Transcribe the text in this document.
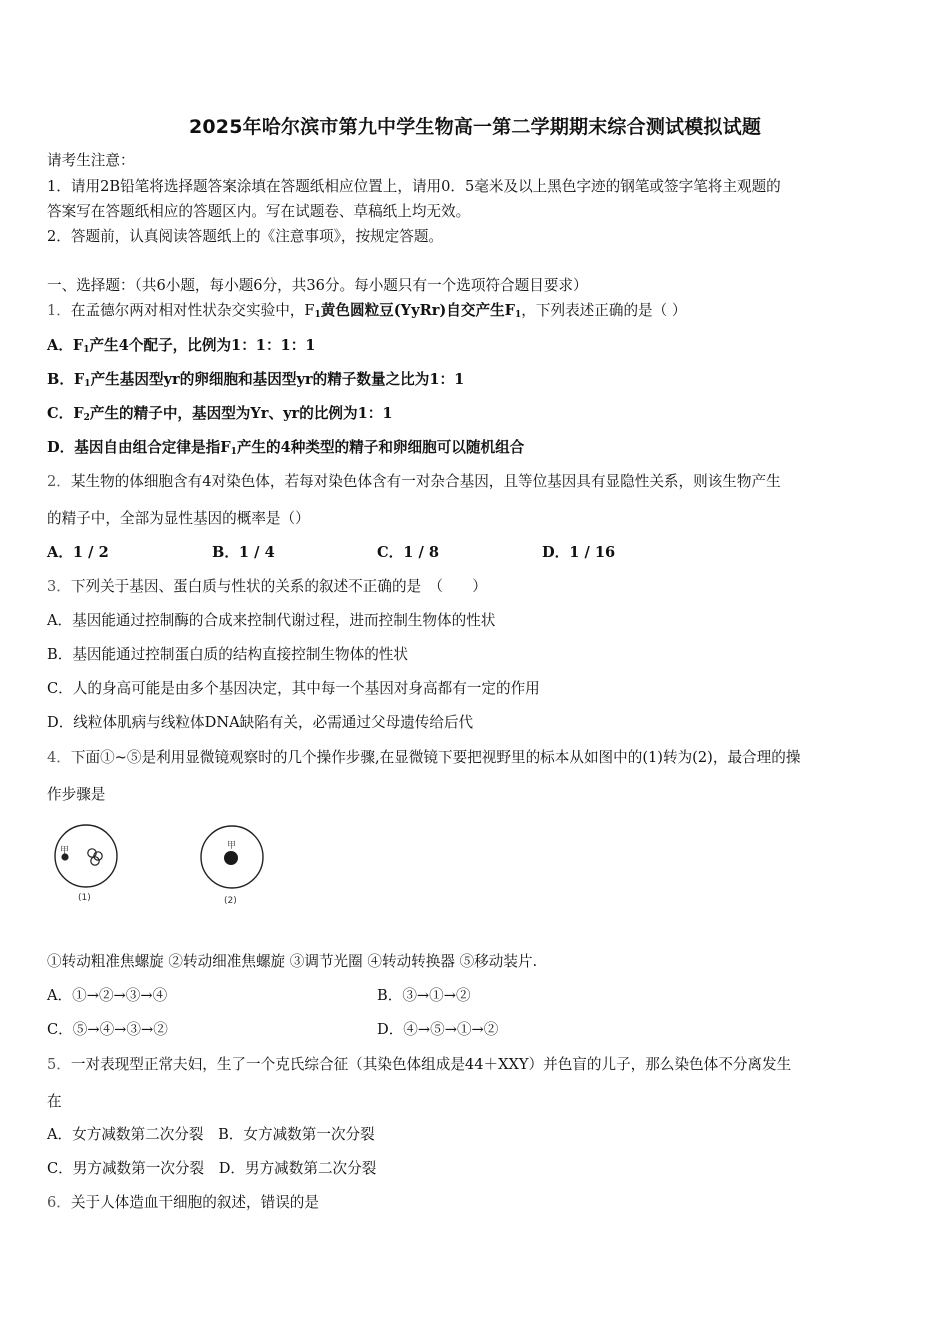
2025年哈尔滨市第九中学生物高一第二学期期末综合测试模拟试题
请考生注意：
1．请用2B铅笔将选择题答案涂填在答题纸相应位置上，请用0．5毫米及以上黑色字迹的钢笔或签字笔将主观题的
答案写在答题纸相应的答题区内。写在试题卷、草稿纸上均无效。
2．答题前，认真阅读答题纸上的《注意事项》，按规定答题。
一、选择题：（共6小题，每小题6分，共36分。每小题只有一个选项符合题目要求）
1．在孟德尔两对相对性状杂交实验中，$F_1$黄色圆粒豆(YyRr)自交产生$F_1$，下列表述正确的是（ ）
A．$F_1$产生4个配子，比例为1：1：1：1
B．$F_1$产生基因型yr的卵细胞和基因型yr的精子数量之比为1：1
C．$F_2$产生的精子中，基因型为Yr、yr的比例为1：1
D．基因自由组合定律是指$F_1$产生的4种类型的精子和卵细胞可以随机组合
2．某生物的体细胞含有4对染色体，若每对染色体含有一对杂合基因，且等位基因具有显隐性关系，则该生物产生
的精子中，全部为显性基因的概率是（）
A．1 / 2	B．1 / 4	C．1 / 8	D．1 / 16
3．下列关于基因、蛋白质与性状的关系的叙述不正确的是　（　　）
A．基因能通过控制酶的合成来控制代谢过程，进而控制生物体的性状
B．基因能通过控制蛋白质的结构直接控制生物体的性状
C．人的身高可能是由多个基因决定，其中每一个基因对身高都有一定的作用
D．线粒体肌病与线粒体DNA缺陷有关，必需通过父母遗传给后代
4．下面①~⑤是利用显微镜观察时的几个操作步骤,在显微镜下要把视野里的标本从如图中的(1)转为(2)，最合理的操
作步骤是
甲
(1)
甲
(2)
①转动粗准焦螺旋 ②转动细准焦螺旋 ③调节光圈 ④转动转换器 ⑤移动装片.
A．①→②→③→④	B．③→①→②
C．⑤→④→③→②	D．④→⑤→①→②
5．一对表现型正常夫妇，生了一个克氏综合征（其染色体组成是44＋XXY）并色盲的儿子，那么染色体不分离发生
在
A．女方减数第二次分裂　B．女方减数第一次分裂
C．男方减数第一次分裂　D．男方减数第二次分裂
6．关于人体造血干细胞的叙述，错误的是
